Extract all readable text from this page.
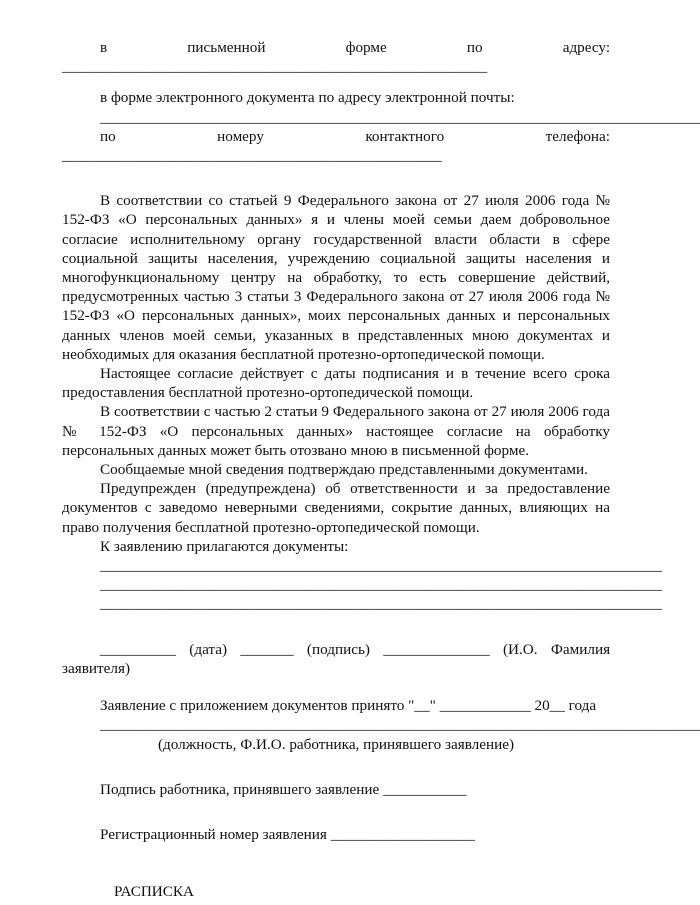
в	письменной	форме	по	адресу:
________________________________________________________
в форме электронного документа по адресу электронной почты:
_______________________________________________________________________________
по	номеру	контактного	телефона:
__________________________________________________

В соответствии со статьей 9 Федерального закона от 27 июля 2006 года № 152-ФЗ «О персональных данных» я и члены моей семьи даем добровольное согласие исполнительному органу государственной власти области в сфере социальной защиты населения, учреждению социальной защиты населения и многофункциональному центру на обработку, то есть совершение действий, предусмотренных частью 3 статьи 3 Федерального закона от 27 июля 2006 года № 152-ФЗ «О персональных данных», моих персональных данных и персональных данных членов моей семьи, указанных в представленных мною документах и необходимых для оказания бесплатной протезно-ортопедической помощи.

Настоящее согласие действует с даты подписания и в течение всего срока предоставления бесплатной протезно-ортопедической помощи.

В соответствии с частью 2 статьи 9 Федерального закона от 27 июля 2006 года № 152-ФЗ «О персональных данных» настоящее согласие на обработку персональных данных может быть отозвано мною в письменной форме.

Сообщаемые мной сведения подтверждаю представленными документами.

Предупрежден (предупреждена) об ответственности и за предоставление документов с заведомо неверными сведениями, сокрытие данных, влияющих на право получения бесплатной протезно-ортопедической помощи.

К заявлению прилагаются документы:

__________________________________________________________________________
__________________________________________________________________________
__________________________________________________________________________
__________ (дата) _______ (подпись) ______________ (И.О. Фамилия
заявителя)
Заявление с приложением документов принято "__" ____________ 20__ года
_______________________________________________________________________________
(должность, Ф.И.О. работника, принявшего заявление)
Подпись работника, принявшего заявление ___________
Регистрационный номер заявления ___________________
РАСПИСКА
